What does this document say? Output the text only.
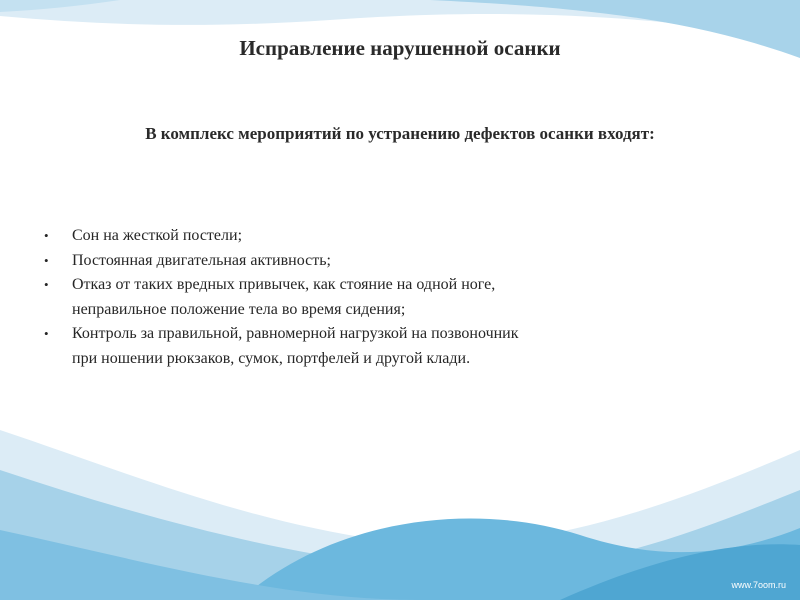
Исправление нарушенной осанки
В комплекс мероприятий по устранению дефектов осанки входят:
• Сон на жесткой постели;
• Постоянная двигательная активность;
• Отказ от таких вредных привычек, как стояние на одной ноге, неправильное положение тела во время сидения;
• Контроль за правильной, равномерной нагрузкой на позвоночник при ношении рюкзаков, сумок, портфелей и другой клади.
www.7oom.ru
